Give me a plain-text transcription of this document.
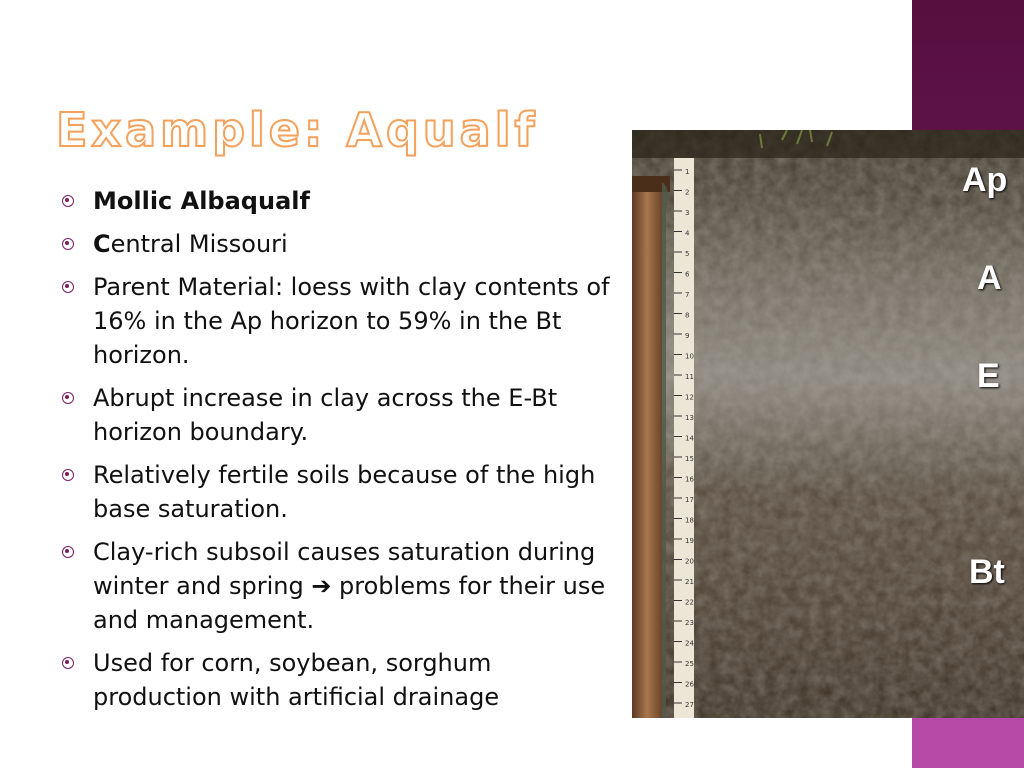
Example: Aqualf
Mollic Albaqualf
Central Missouri
Parent Material: loess with clay contents of 16% in the Ap horizon to 59% in the Bt horizon.
Abrupt increase in clay across the E-Bt horizon boundary.
Relatively fertile soils because of the high base saturation.
Clay-rich subsoil causes saturation during winter and spring ➔ problems for their use and management.
Used for corn, soybean, sorghum production with artificial drainage
1
2
3
4
5
6
7
8
9
10
11
12
13
14
15
16
17
18
19
20
21
22
23
24
25
26
27
Ap
A
E
Bt
